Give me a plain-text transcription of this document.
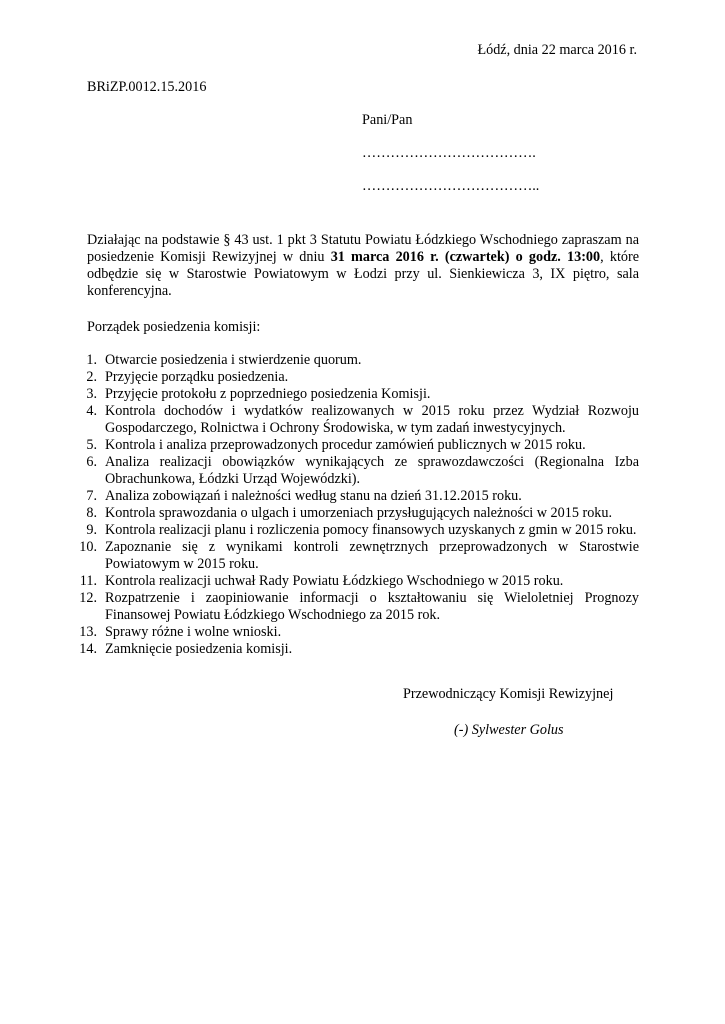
Łódź, dnia 22 marca 2016 r.
BRiZP.0012.15.2016
Pani/Pan
……………………………….
………………………………..
Działając na podstawie § 43 ust. 1 pkt 3 Statutu Powiatu Łódzkiego Wschodniego zapraszam na posiedzenie Komisji Rewizyjnej w dniu 31 marca 2016 r. (czwartek) o godz. 13:00, które odbędzie się w Starostwie Powiatowym w Łodzi przy ul. Sienkiewicza 3, IX piętro, sala konferencyjna.
Porządek posiedzenia komisji:
1. Otwarcie posiedzenia i stwierdzenie quorum.
2. Przyjęcie porządku posiedzenia.
3. Przyjęcie protokołu z poprzedniego posiedzenia Komisji.
4. Kontrola dochodów i wydatków realizowanych w 2015 roku przez Wydział Rozwoju Gospodarczego, Rolnictwa i Ochrony Środowiska, w tym zadań inwestycyjnych.
5. Kontrola i analiza przeprowadzonych procedur zamówień publicznych w 2015 roku.
6. Analiza realizacji obowiązków wynikających ze sprawozdawczości (Regionalna Izba Obrachunkowa, Łódzki Urząd Wojewódzki).
7. Analiza zobowiązań i należności według stanu na dzień 31.12.2015 roku.
8. Kontrola sprawozdania o ulgach i umorzeniach przysługujących należności w 2015 roku.
9. Kontrola realizacji planu i rozliczenia pomocy finansowych uzyskanych z gmin w 2015 roku.
10. Zapoznanie się z wynikami kontroli zewnętrznych przeprowadzonych w Starostwie Powiatowym w 2015 roku.
11. Kontrola realizacji uchwał Rady Powiatu Łódzkiego Wschodniego w 2015 roku.
12. Rozpatrzenie i zaopiniowanie informacji o kształtowaniu się Wieloletniej Prognozy Finansowej Powiatu Łódzkiego Wschodniego za 2015 rok.
13. Sprawy różne i wolne wnioski.
14. Zamknięcie posiedzenia komisji.
Przewodniczący Komisji Rewizyjnej
(-) Sylwester Golus
